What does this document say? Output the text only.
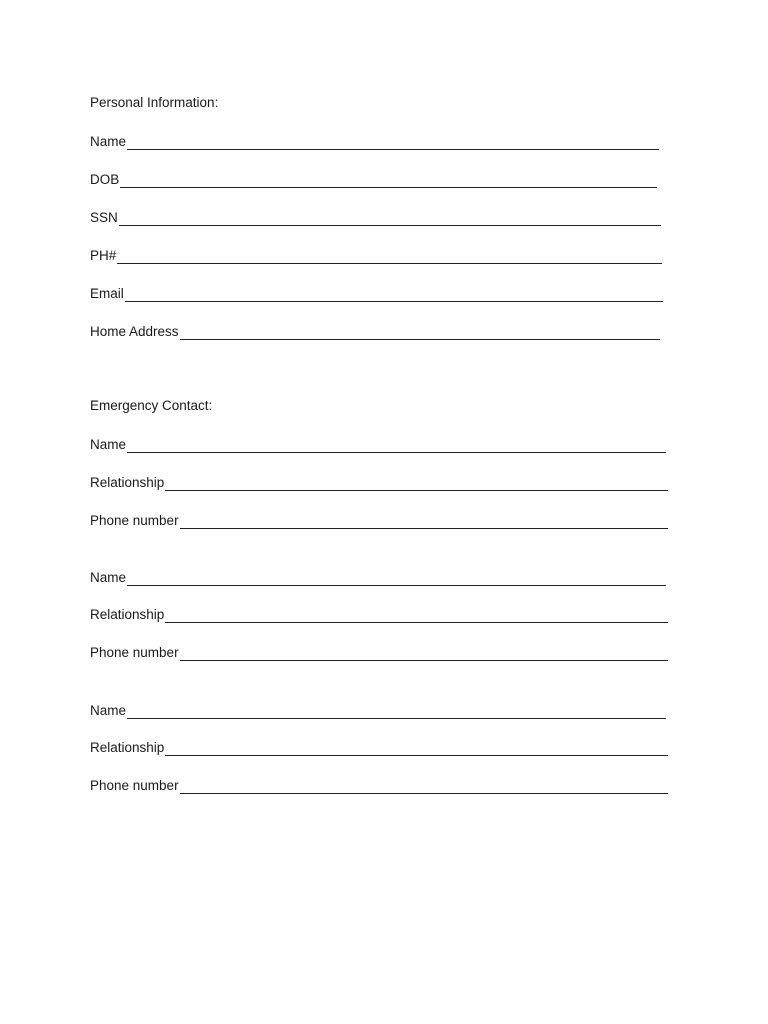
Personal Information:
Name
DOB
SSN
PH#
Email
Home Address
Emergency Contact:
Name
Relationship
Phone number
Name
Relationship
Phone number
Name
Relationship
Phone number
